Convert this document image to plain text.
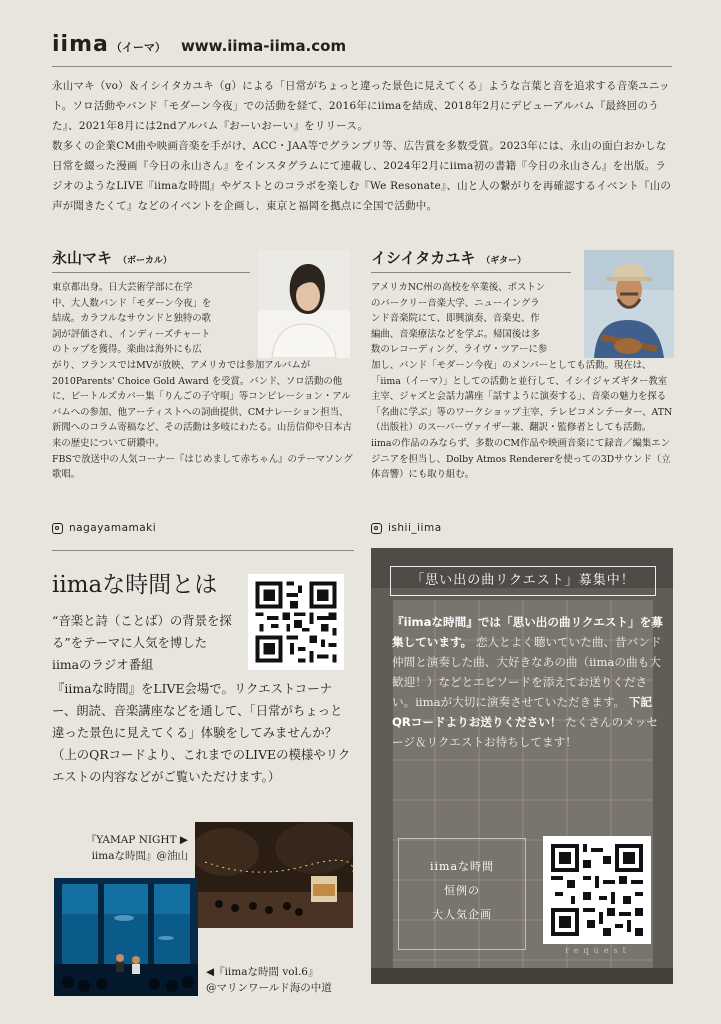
iima （イーマ） www.iima-iima.com

永山マキ（vo）＆イシイタカユキ（g）による「日常がちょっと違った景色に見えてくる」ような言葉と音を追求する音楽ユニット。ソロ活動やバンド「モダーン今夜」での活動を経て、2016年にiimaを結成、2018年2月にデビューアルバム『最終回のうた』、2021年8月には2ndアルバム『おーいおーい』をリリース。

数多くの企業CM曲や映画音楽を手がけ、ACC・JAA等でグランプリ等、広告賞を多数受賞。2023年には、永山の面白おかしな日常を綴った漫画『今日の永山さん』をインスタグラムにて連載し、2024年2月にiima初の書籍『今日の永山さん』を出版。ラジオのようなLIVE『iimaな時間』やゲストとのコラボを楽しむ『We Resonate』、山と人の繋がりを再確認するイベント『山の声が聞きたくて』などのイベントを企画し、東京と福岡を拠点に全国で活動中。

永山マキ （ボーカル）

東京都出身。日大芸術学部に在学

中、大人数バンド「モダーン今夜」を

結成。カラフルなサウンドと独特の歌

詞が評価され、インディーズチャート

のトップを獲得。楽曲は海外にも広

がり、フランスではMVが放映、アメリカでは参加アルバムが2010Parents' Choice Gold Award を受賞。バンド、ソロ活動の他に、ビートルズカバー集「りんごの子守唄」等コンピレーション・アルバムへの参加、他アーティストへの詞曲提供、CMナレーション担当、新聞へのコラム寄稿など、その活動は多岐にわたる。山岳信仰や日本古来の歴史について研鑽中。

FBSで放送中の人気コーナー『はじめまして赤ちゃん』のテーマソング歌唱。

nagayamamaki
イシイタカユキ （ギター）

アメリカNC州の高校を卒業後、ボストン

のバークリー音楽大学、ニューイングラ

ンド音楽院にて、即興演奏、音楽史、作

編曲、音楽療法などを学ぶ。帰国後は多

数のレコーディング、ライヴ・ツアーに参

加し、バンド「モダーン今夜」のメンバーとしても活動。現在は、「iima（イーマ）」としての活動と並行して、イシイジャズギター教室主宰、ジャズと会話力講座「話すように演奏する」、音楽の魅力を探る「名曲に学ぶ」等のワークショップ主宰、テレビコメンテーター、ATN（出版社）のスーパーヴァイザー兼、翻訳・監修者としても活動。

iimaの作品のみならず、多数のCM作品や映画音楽にて録音／編集エンジニアを担当し、Dolby Atmos Rendererを使っての3Dサウンド（立体音響）にも取り組む。

ishii_iima
iimaな時間とは

“音楽と詩（ことば）の背景を探る”をテーマに人気を博した iimaのラジオ番組

『iimaな時間』をLIVE会場で。リクエストコーナー、朗読、音楽講座などを通して、「日常がちょっと違った景色に見えてくる」体験をしてみませんか？（上のQRコードより、これまでのLIVEの模様やリクエストの内容などがご覧いただけます。）

『YAMAP NIGHT ▶
iimaな時間』@油山
◀『iimaな時間 vol.6』
@マリンワールド海の中道
「思い出の曲リクエスト」募集中！
『iimaな時間』では「思い出の曲リクエスト」を募集しています。 恋人とよく聴いていた曲、昔バンド仲間と演奏した曲、大好きなあの曲（iimaの曲も大歓迎！）などとエピソードを添えてお送りください。iimaが大切に演奏させていただきます。 下記QRコードよりお送りください！ たくさんのメッセージ＆リクエストお待ちしてます！
iimaな時間
恒例の
大人気企画
request
